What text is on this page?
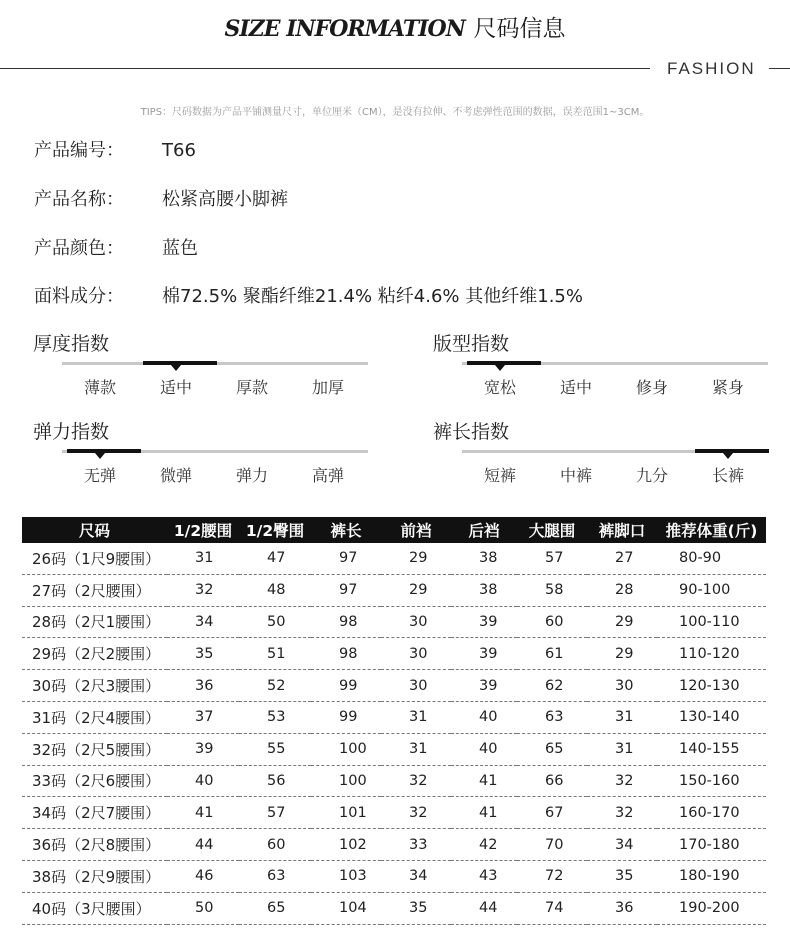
SIZE INFORMATION 尺码信息
FASHION
TIPS：尺码数据为产品平铺测量尺寸，单位厘米（CM），是没有拉伸、不考虑弹性范围的数据，误差范围1~3CM。
产品编号： T66
产品名称： 松紧高腰小脚裤
产品颜色： 蓝色
面料成分： 棉72.5% 聚酯纤维21.4% 粘纤4.6% 其他纤维1.5%
厚度指数
薄款	适中	厚款	加厚
版型指数
宽松	适中	修身	紧身
弹力指数
无弹	微弹	弹力	高弹
裤长指数
短裤	中裤	九分	长裤
尺码	1/2腰围	1/2臀围	裤长	前裆	后裆	大腿围	裤脚口	推荐体重(斤)
26码（1尺9腰围）	31	47	97	29	38	57	27	80-90
27码（2尺腰围）	32	48	97	29	38	58	28	90-100
28码（2尺1腰围）	34	50	98	30	39	60	29	100-110
29码（2尺2腰围）	35	51	98	30	39	61	29	110-120
30码（2尺3腰围）	36	52	99	30	39	62	30	120-130
31码（2尺4腰围）	37	53	99	31	40	63	31	130-140
32码（2尺5腰围）	39	55	100	31	40	65	31	140-155
33码（2尺6腰围）	40	56	100	32	41	66	32	150-160
34码（2尺7腰围）	41	57	101	32	41	67	32	160-170
36码（2尺8腰围）	44	60	102	33	42	70	34	170-180
38码（2尺9腰围）	46	63	103	34	43	72	35	180-190
40码（3尺腰围）	50	65	104	35	44	74	36	190-200
